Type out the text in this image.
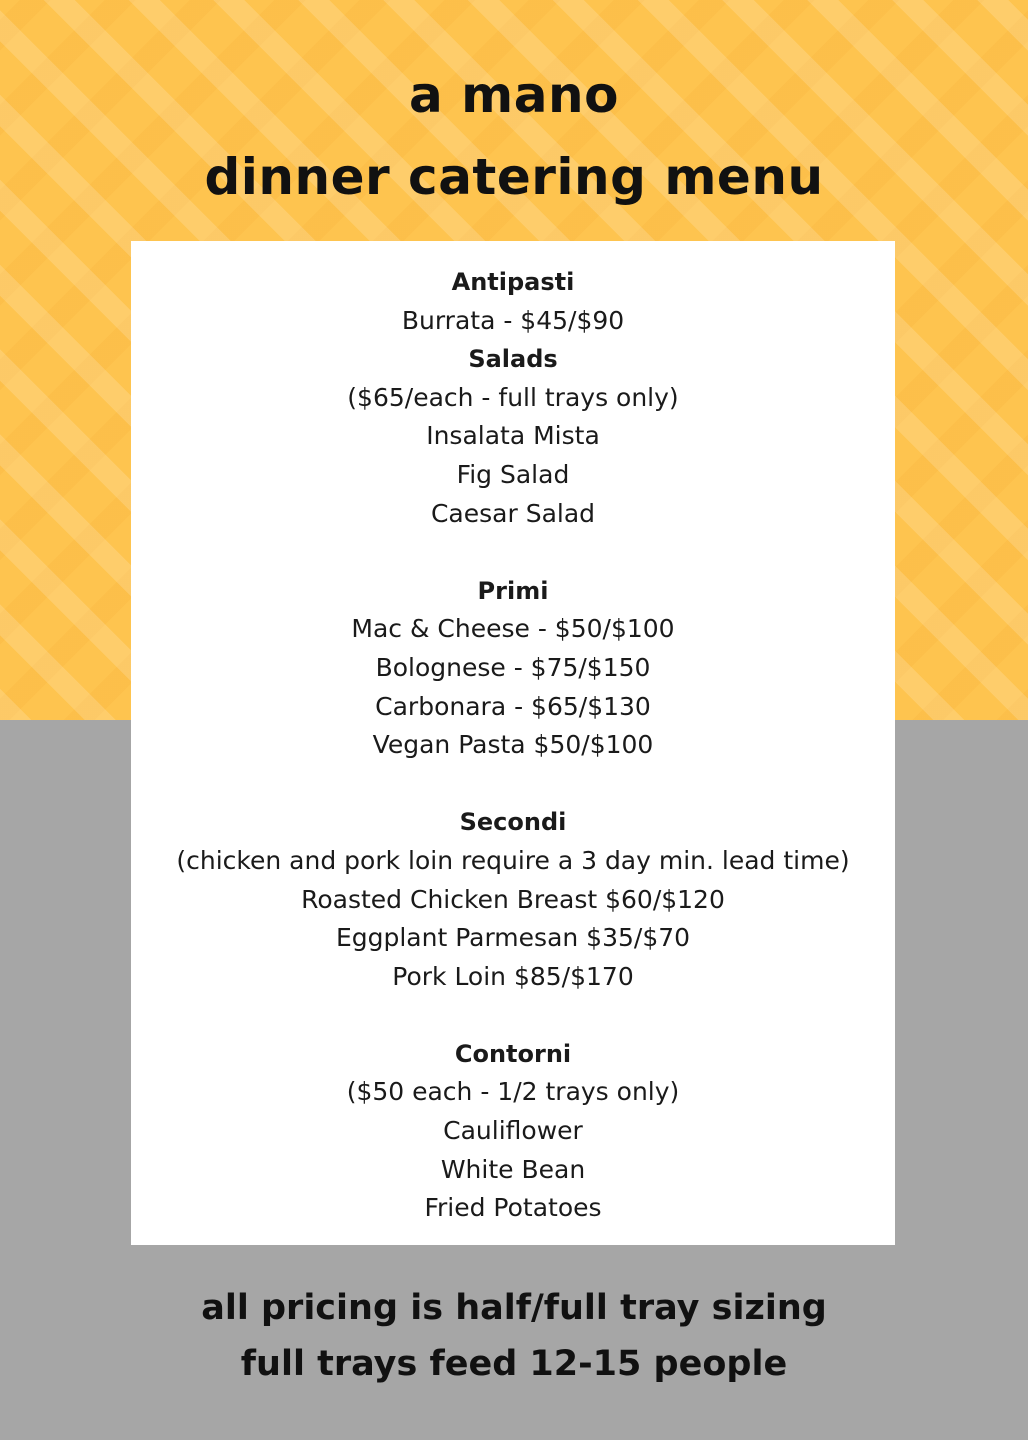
a mano
dinner catering menu
Antipasti
Burrata - $45/$90
Salads
($65/each - full trays only)
Insalata Mista
Fig Salad
Caesar Salad
Primi
Mac & Cheese - $50/$100
Bolognese - $75/$150
Carbonara - $65/$130
Vegan Pasta $50/$100
Secondi
(chicken and pork loin require a 3 day min. lead time)
Roasted Chicken Breast $60/$120
Eggplant Parmesan $35/$70
Pork Loin $85/$170
Contorni
($50 each - 1/2 trays only)
Cauliflower
White Bean
Fried Potatoes
all pricing is half/full tray sizing
full trays feed 12-15 people
